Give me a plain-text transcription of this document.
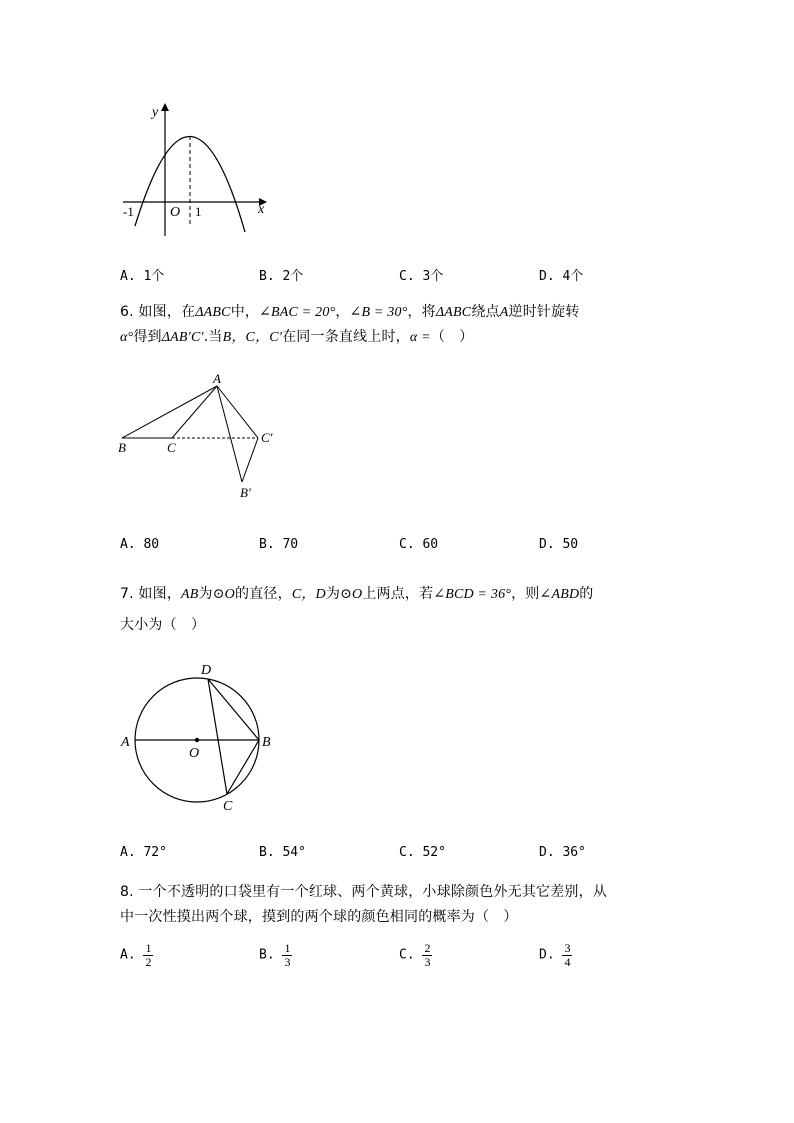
y
x
O
-1	1
A. 1个	B. 2个	C. 3个	D. 4个
6. 如图，在ΔABC中，∠BAC = 20°，∠B = 30°，将ΔABC绕点A逆时针旋转
α°得到ΔAB′C′.当B，C，C′在同一条直线上时，α =（　）
A
B	C
C′
B′
A. 80	B. 70	C. 60	D. 50
7. 如图，AB为⊙O的直径，C，D为⊙O上两点，若∠BCD = 36°，则∠ABD的
大小为（　）
D
A
O
B
C
A. 72°	B. 54°	C. 52°	D. 36°
8. 一个不透明的口袋里有一个红球、两个黄球，小球除颜色外无其它差别，从
中一次性摸出两个球，摸到的两个球的颜色相同的概率为（　）
A. $\frac{1}{2}$	B. $\frac{1}{3}$	C. $\frac{2}{3}$	D. $\frac{3}{4}$
